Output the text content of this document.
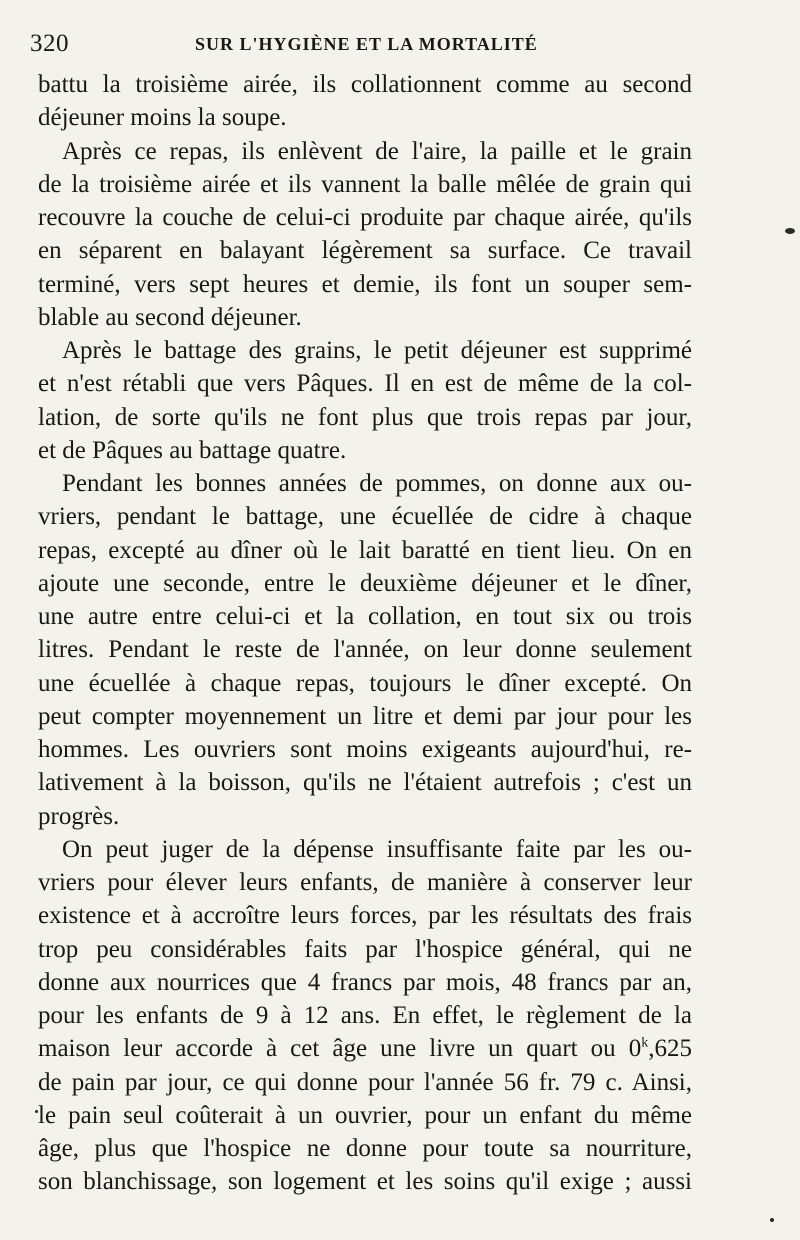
320	SUR L'HYGIÈNE ET LA MORTALITÉ
battu la troisième airée, ils collationnent comme au second
déjeuner moins la soupe.
Après ce repas, ils enlèvent de l'aire, la paille et le grain
de la troisième airée et ils vannent la balle mêlée de grain qui
recouvre la couche de celui-ci produite par chaque airée, qu'ils
en séparent en balayant légèrement sa surface. Ce travail
terminé, vers sept heures et demie, ils font un souper sem-
blable au second déjeuner.
Après le battage des grains, le petit déjeuner est supprimé
et n'est rétabli que vers Pâques. Il en est de même de la col-
lation, de sorte qu'ils ne font plus que trois repas par jour,
et de Pâques au battage quatre.
Pendant les bonnes années de pommes, on donne aux ou-
vriers, pendant le battage, une écuellée de cidre à chaque
repas, excepté au dîner où le lait baratté en tient lieu. On en
ajoute une seconde, entre le deuxième déjeuner et le dîner,
une autre entre celui-ci et la collation, en tout six ou trois
litres. Pendant le reste de l'année, on leur donne seulement
une écuellée à chaque repas, toujours le dîner excepté. On
peut compter moyennement un litre et demi par jour pour les
hommes. Les ouvriers sont moins exigeants aujourd'hui, re-
lativement à la boisson, qu'ils ne l'étaient autrefois ; c'est un
progrès.
On peut juger de la dépense insuffisante faite par les ou-
vriers pour élever leurs enfants, de manière à conserver leur
existence et à accroître leurs forces, par les résultats des frais
trop peu considérables faits par l'hospice général, qui ne
donne aux nourrices que 4 francs par mois, 48 francs par an,
pour les enfants de 9 à 12 ans. En effet, le règlement de la
maison leur accorde à cet âge une livre un quart ou 0$^k$,625
de pain par jour, ce qui donne pour l'année 56 fr. 79 c. Ainsi,
le pain seul coûterait à un ouvrier, pour un enfant du même
âge, plus que l'hospice ne donne pour toute sa nourriture,
son blanchissage, son logement et les soins qu'il exige ; aussi
